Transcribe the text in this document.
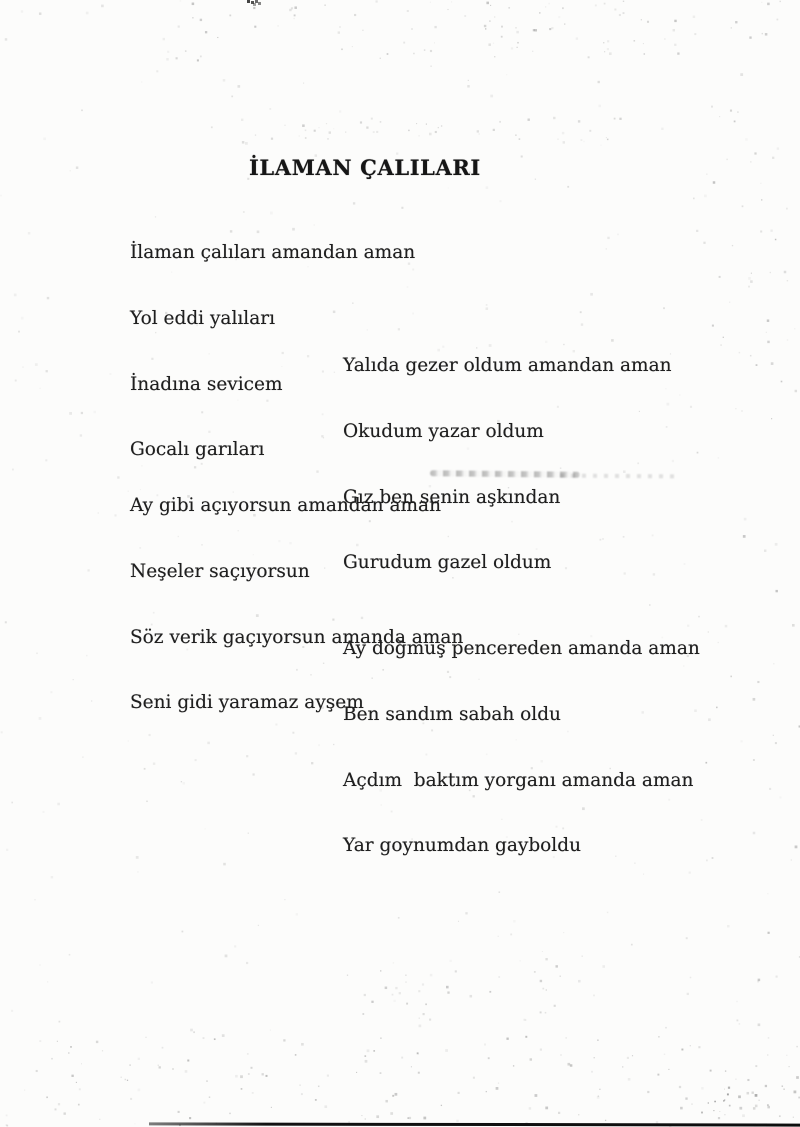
İLAMAN ÇALILARI

İlaman çalıları amandan aman

Yol eddi yalıları

İnadına sevicem

Gocalı garıları

Yalıda gezer oldum amandan aman

Okudum yazar oldum

Gız ben senin aşkından

Gurudum gazel oldum

Ay gibi açıyorsun amandan aman

Neşeler saçıyorsun

Söz verik gaçıyorsun amanda aman

Seni gidi yaramaz ayşem

Ay doğmuş pencereden amanda aman

Ben sandım sabah oldu

Açdım  baktım yorganı amanda aman

Yar goynumdan gayboldu
